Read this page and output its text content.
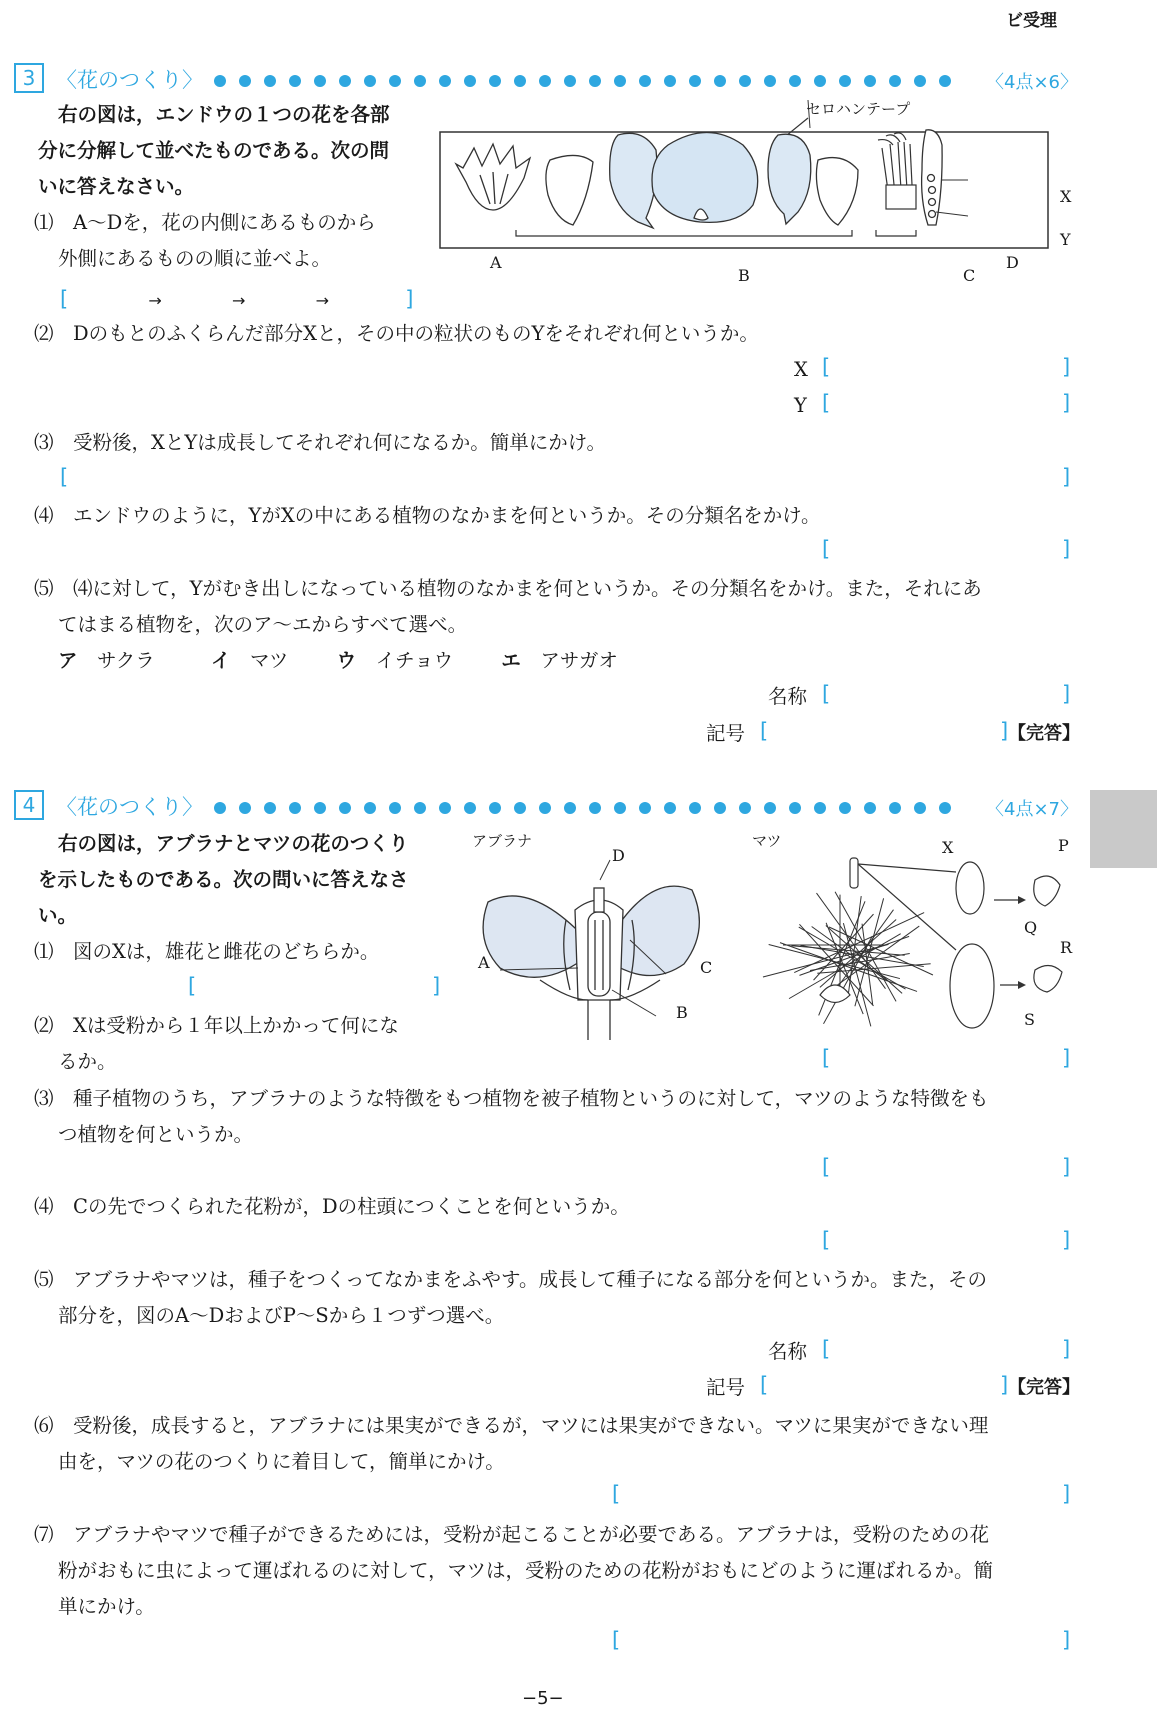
ビ受理
3 〈花のつくり〉	〈4点×6〉
右の図は，エンドウの１つの花を各部
分に分解して並べたものである。次の問
いに答えなさい。
セロハンテープ
A
B	C
D
X
Y
⑴　 A～Dを，花の内側にあるものから
外側にあるものの順に並べよ。
[	→	→	→	]
⑵　 Dのもとのふくらんだ部分Xと，その中の粒状のものYをそれぞれ何というか。
X [	]
Y [	]
⑶　 受粉後，XとYは成長してそれぞれ何になるか。簡単にかけ。
[	]
⑷　 エンドウのように，YがXの中にある植物のなかまを何というか。その分類名をかけ。
[	]
⑸　 ⑷に対して，Yがむき出しになっている植物のなかまを何というか。その分類名をかけ。また，それにあ
てはまる植物を，次のア～エからすべて選べ。
ア　 サクラ	イ　 マツ ウ　 イチョウ エ　 アサガオ
名称 [	]
記号 [	] 【完答】
4 〈花のつくり〉	〈4点×7〉
右の図は，アブラナとマツの花のつくり
を示したものである。次の問いに答えなさ
い。
アブラナ	マツ
D
A	C
B
X	P
Q
R
S
⑴　 図のXは，雄花と雌花のどちらか。
[	]
⑵　 Xは受粉から１年以上かかって何にな
るか。	[	]
⑶　 種子植物のうち，アブラナのような特徴をもつ植物を被子植物というのに対して，マツのような特徴をも
つ植物を何というか。
[	]
⑷　 Cの先でつくられた花粉が，Dの柱頭につくことを何というか。
[	]
⑸　 アブラナやマツは，種子をつくってなかまをふやす。成長して種子になる部分を何というか。また，その
部分を，図のA～DおよびP～Sから１つずつ選べ。
名称 [	]
記号 [	] 【完答】
⑹　 受粉後，成長すると，アブラナには果実ができるが，マツには果実ができない。マツに果実ができない理
由を，マツの花のつくりに着目して，簡単にかけ。
[	]
⑺　 アブラナやマツで種子ができるためには，受粉が起こることが必要である。アブラナは，受粉のための花
粉がおもに虫によって運ばれるのに対して，マツは，受粉のための花粉がおもにどのように運ばれるか。簡
単にかけ。
[	]
−5−
